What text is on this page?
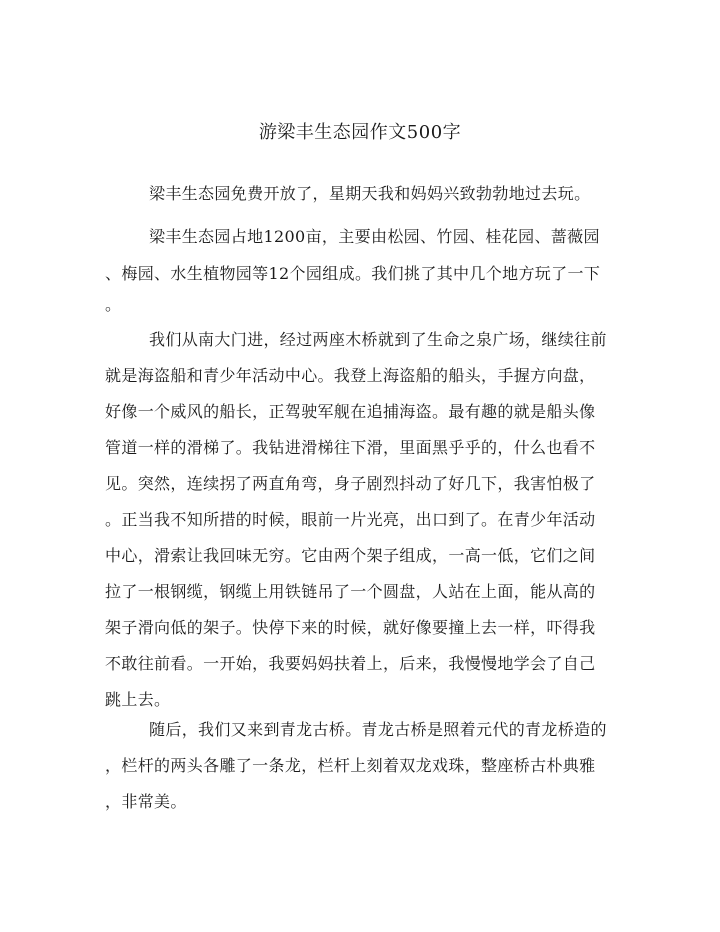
游梁丰生态园作文500字
梁丰生态园免费开放了，星期天我和妈妈兴致勃勃地过去玩。
梁丰生态园占地1200亩，主要由松园、竹园、桂花园、蔷薇园
、梅园、水生植物园等12个园组成。我们挑了其中几个地方玩了一下
。
我们从南大门进，经过两座木桥就到了生命之泉广场，继续往前
就是海盗船和青少年活动中心。我登上海盗船的船头，手握方向盘，
好像一个威风的船长，正驾驶军舰在追捕海盗。最有趣的就是船头像
管道一样的滑梯了。我钻进滑梯往下滑，里面黑乎乎的，什么也看不
见。突然，连续拐了两直角弯，身子剧烈抖动了好几下，我害怕极了
。正当我不知所措的时候，眼前一片光亮，出口到了。在青少年活动
中心，滑索让我回味无穷。它由两个架子组成，一高一低，它们之间
拉了一根钢缆，钢缆上用铁链吊了一个圆盘，人站在上面，能从高的
架子滑向低的架子。快停下来的时候，就好像要撞上去一样，吓得我
不敢往前看。一开始，我要妈妈扶着上，后来，我慢慢地学会了自己
跳上去。
随后，我们又来到青龙古桥。青龙古桥是照着元代的青龙桥造的
，栏杆的两头各雕了一条龙，栏杆上刻着双龙戏珠，整座桥古朴典雅
，非常美。
